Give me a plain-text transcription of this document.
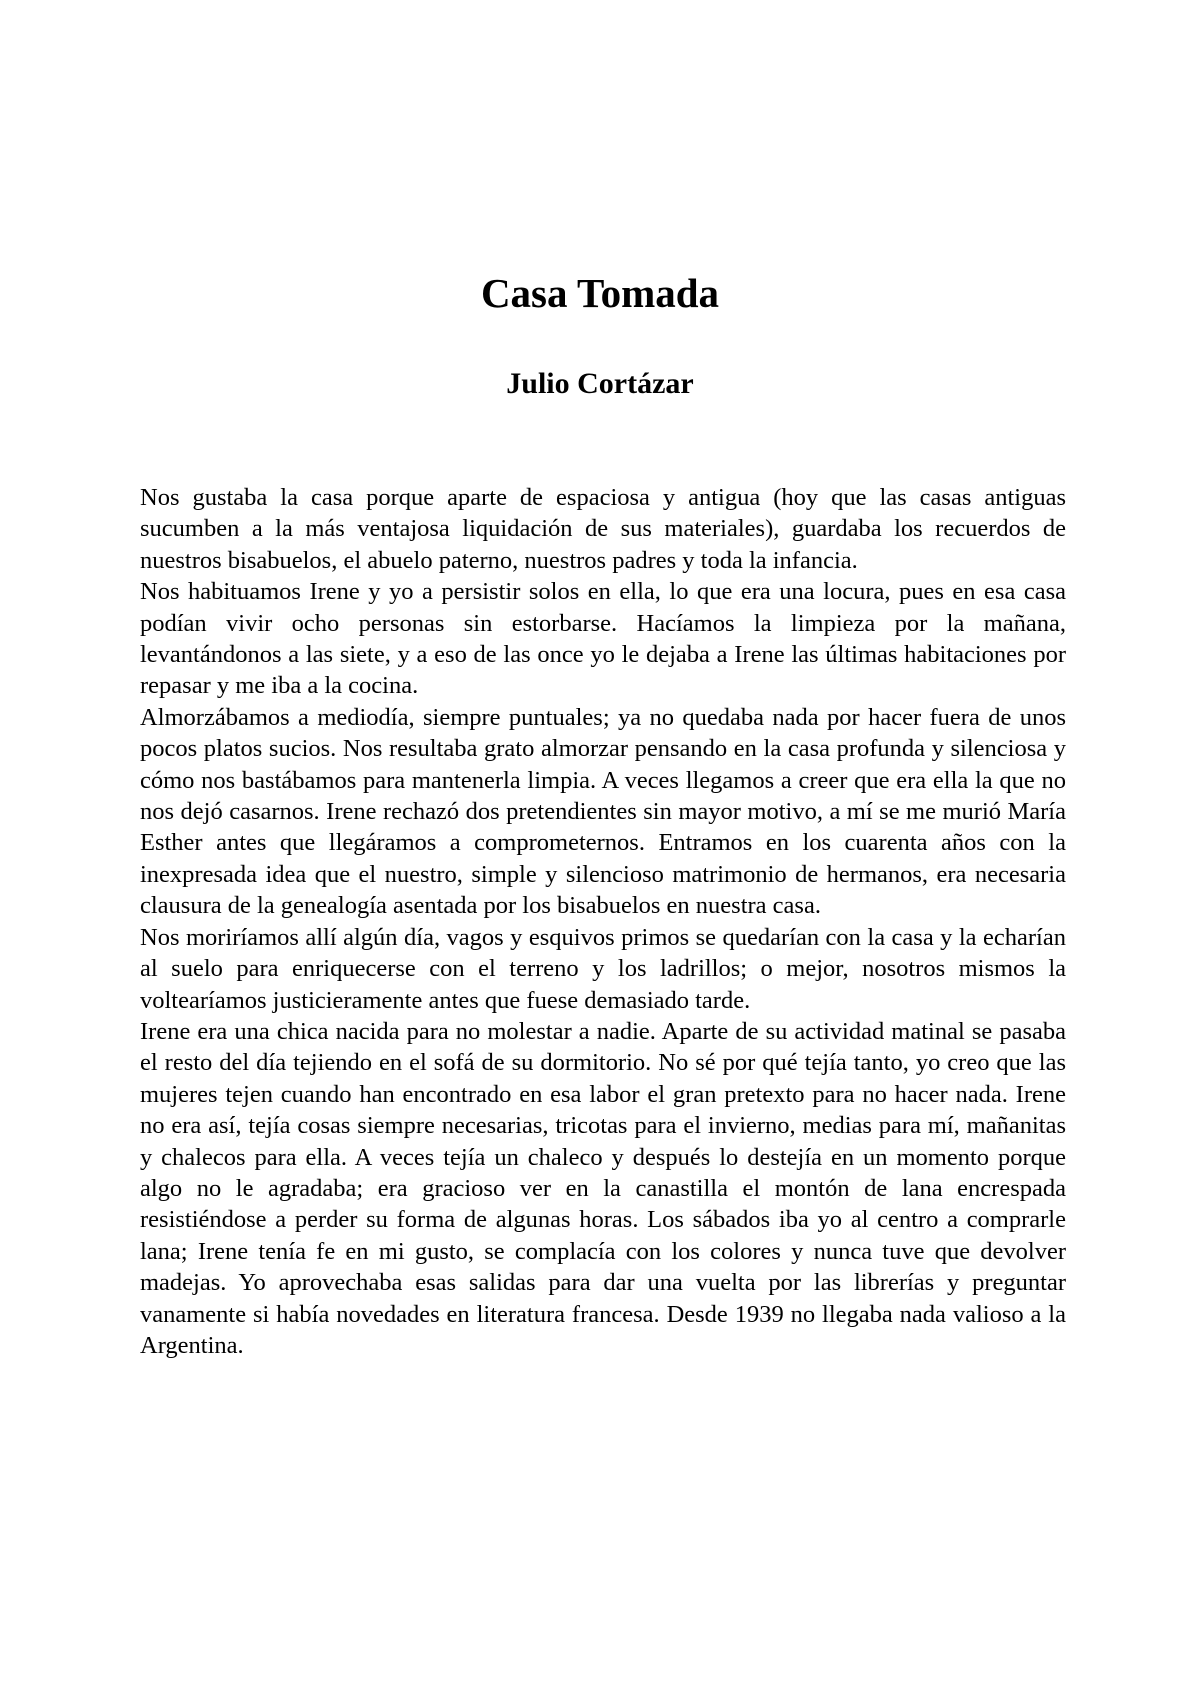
Casa Tomada
Julio Cortázar

Nos gustaba la casa porque aparte de espaciosa y antigua (hoy que las casas antiguas sucumben a la más ventajosa liquidación de sus materiales), guardaba los recuerdos de nuestros bisabuelos, el abuelo paterno, nuestros padres y toda la infancia.

Nos habituamos Irene y yo a persistir solos en ella, lo que era una locura, pues en esa casa podían vivir ocho personas sin estorbarse. Hacíamos la limpieza por la mañana, levantándonos a las siete, y a eso de las once yo le dejaba a Irene las últimas habitaciones por repasar y me iba a la cocina.

Almorzábamos a mediodía, siempre puntuales; ya no quedaba nada por hacer fuera de unos pocos platos sucios. Nos resultaba grato almorzar pensando en la casa profunda y silenciosa y cómo nos bastábamos para mantenerla limpia. A veces llegamos a creer que era ella la que no nos dejó casarnos. Irene rechazó dos pretendientes sin mayor motivo, a mí se me murió María Esther antes que llegáramos a comprometernos. Entramos en los cuarenta años con la inexpresada idea que el nuestro, simple y silencioso matrimonio de hermanos, era necesaria clausura de la genealogía asentada por los bisabuelos en nuestra casa.

Nos moriríamos allí algún día, vagos y esquivos primos se quedarían con la casa y la echarían al suelo para enriquecerse con el terreno y los ladrillos; o mejor, nosotros mismos la voltearíamos justicieramente antes que fuese demasiado tarde.

Irene era una chica nacida para no molestar a nadie. Aparte de su actividad matinal se pasaba el resto del día tejiendo en el sofá de su dormitorio. No sé por qué tejía tanto, yo creo que las mujeres tejen cuando han encontrado en esa labor el gran pretexto para no hacer nada. Irene no era así, tejía cosas siempre necesarias, tricotas para el invierno, medias para mí, mañanitas y chalecos para ella. A veces tejía un chaleco y después lo destejía en un momento porque algo no le agradaba; era gracioso ver en la canastilla el montón de lana encrespada resistiéndose a perder su forma de algunas horas. Los sábados iba yo al centro a comprarle lana; Irene tenía fe en mi gusto, se complacía con los colores y nunca tuve que devolver madejas. Yo aprovechaba esas salidas para dar una vuelta por las librerías y preguntar vanamente si había novedades en literatura francesa. Desde 1939 no llegaba nada valioso a la Argentina.
